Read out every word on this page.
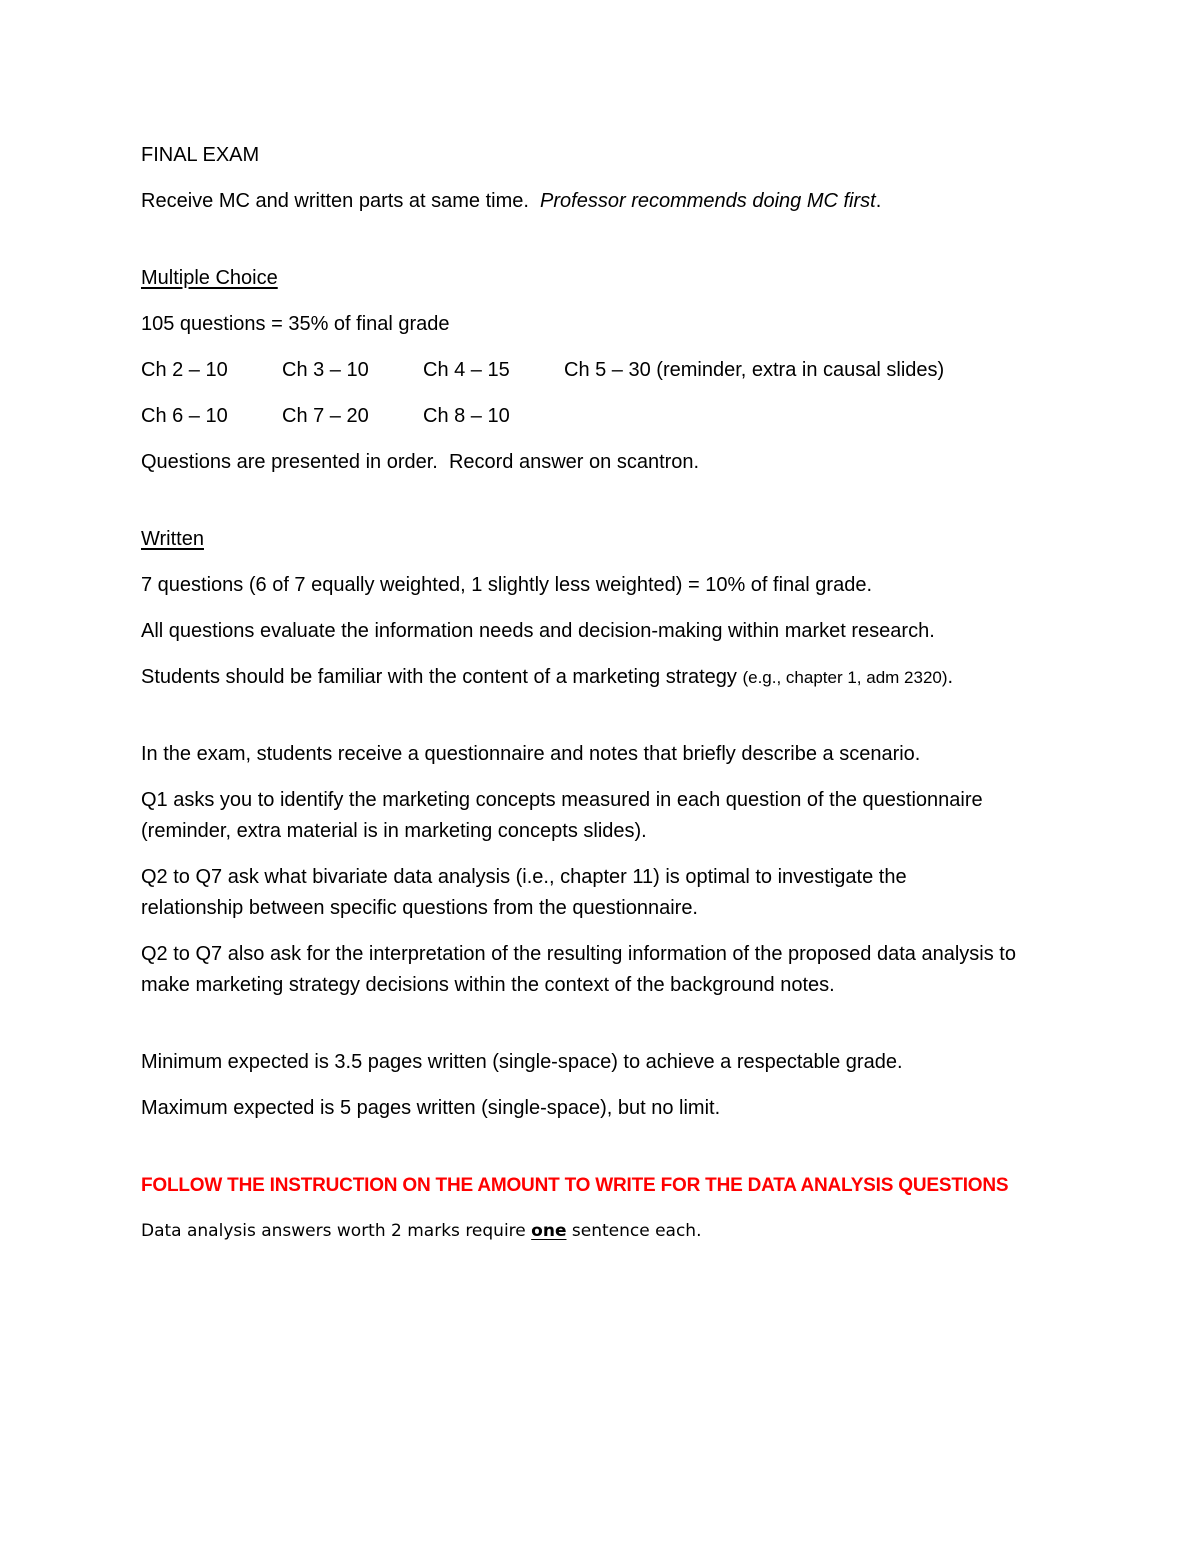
FINAL EXAM

Receive MC and written parts at same time. Professor recommends doing MC first.

Multiple Choice

105 questions = 35% of final grade

Ch 2 – 10	Ch 3 – 10	Ch 4 – 15	Ch 5 – 30 (reminder, extra in causal slides)

Ch 6 – 10	Ch 7 – 20	Ch 8 – 10

Questions are presented in order.  Record answer on scantron.

Written

7 questions (6 of 7 equally weighted, 1 slightly less weighted) = 10% of final grade.

All questions evaluate the information needs and decision-making within market research.

Students should be familiar with the content of a marketing strategy (e.g., chapter 1, adm 2320).

In the exam, students receive a questionnaire and notes that briefly describe a scenario.

Q1 asks you to identify the marketing concepts measured in each question of the questionnaire (reminder, extra material is in marketing concepts slides).

Q2 to Q7 ask what bivariate data analysis (i.e., chapter 11) is optimal to investigate the relationship between specific questions from the questionnaire.

Q2 to Q7 also ask for the interpretation of the resulting information of the proposed data analysis to make marketing strategy decisions within the context of the background notes.

Minimum expected is 3.5 pages written (single-space) to achieve a respectable grade.

Maximum expected is 5 pages written (single-space), but no limit.

FOLLOW THE INSTRUCTION ON THE AMOUNT TO WRITE FOR THE DATA ANALYSIS QUESTIONS

Data analysis answers worth 2 marks require one sentence each.
